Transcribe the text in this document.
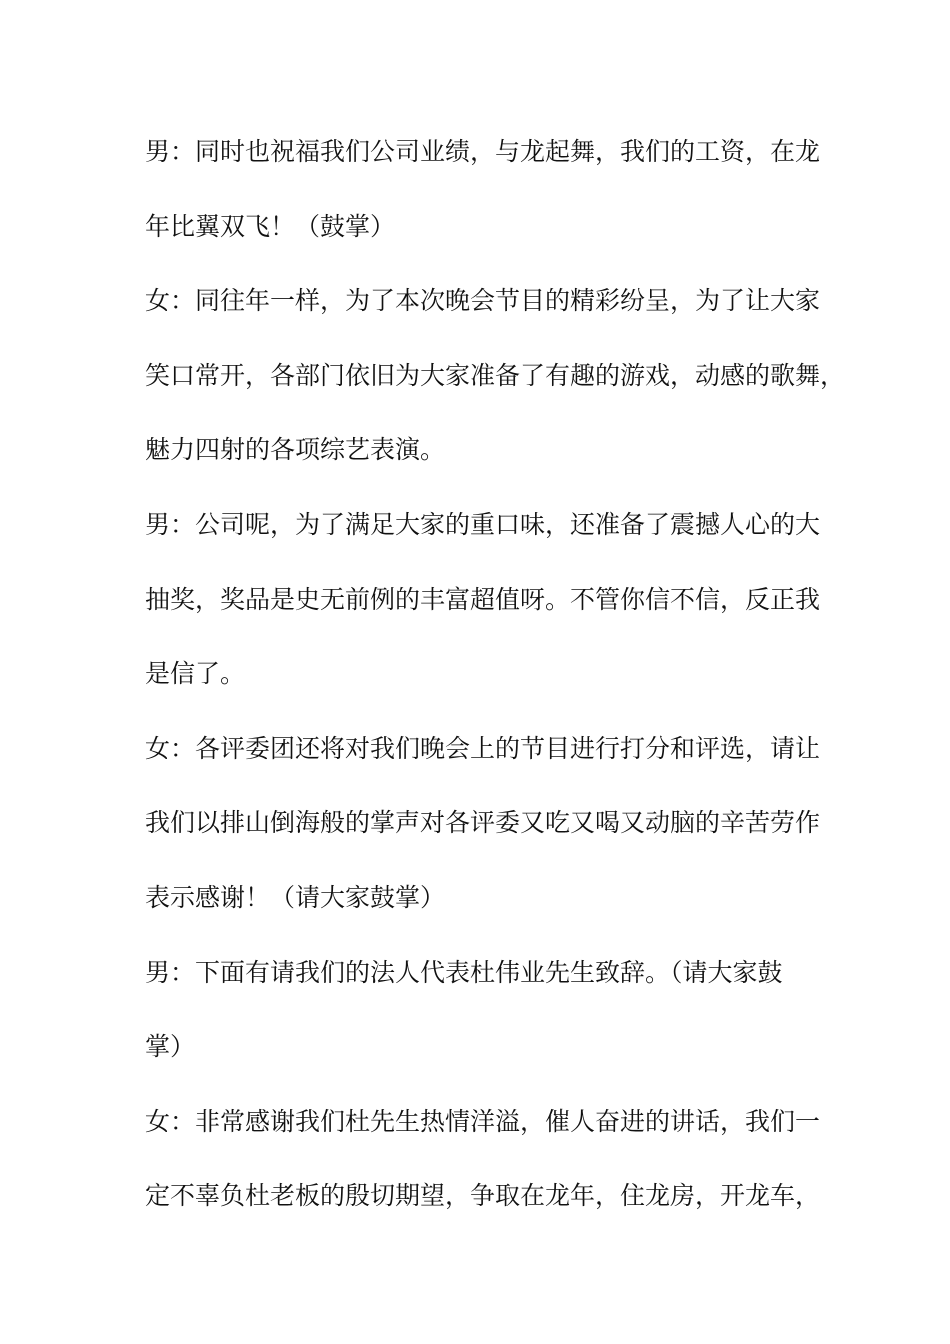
男：同时也祝福我们公司业绩，与龙起舞，我们的工资，在龙
年比翼双飞！（鼓掌）
女：同往年一样，为了本次晚会节目的精彩纷呈，为了让大家
笑口常开，各部门依旧为大家准备了有趣的游戏，动感的歌舞，
魅力四射的各项综艺表演。
男：公司呢，为了满足大家的重口味，还准备了震撼人心的大
抽奖，奖品是史无前例的丰富超值呀。不管你信不信，反正我
是信了。
女：各评委团还将对我们晚会上的节目进行打分和评选，请让
我们以排山倒海般的掌声对各评委又吃又喝又动脑的辛苦劳作
表示感谢！（请大家鼓掌）
男：下面有请我们的法人代表杜伟业先生致辞。（请大家鼓
掌）
女：非常感谢我们杜先生热情洋溢，催人奋进的讲话，我们一
定不辜负杜老板的殷切期望，争取在龙年，住龙房，开龙车，
